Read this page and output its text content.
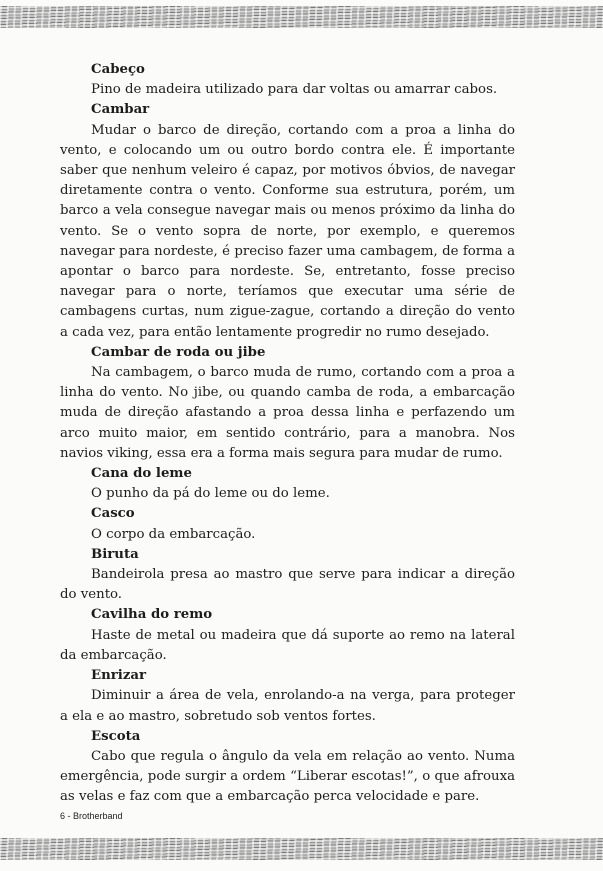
Cabeço

Pino de madeira utilizado para dar voltas ou amarrar cabos.

Cambar

Mudar o barco de direção, cortando com a proa a linha do vento, e colocando um ou outro bordo contra ele. É importante saber que nenhum veleiro é capaz, por motivos óbvios, de navegar diretamente contra o vento. Conforme sua estrutura, porém, um barco a vela consegue navegar mais ou menos próximo da linha do vento. Se o vento sopra de norte, por exemplo, e queremos navegar para nordeste, é preciso fazer uma cambagem, de forma a apontar o barco para nordeste. Se, entretanto, fosse preciso navegar para o norte, teríamos que executar uma série de cambagens curtas, num zigue-zague, cortando a direção do vento a cada vez, para então lentamente progredir no rumo desejado.

Cambar de roda ou jibe

Na cambagem, o barco muda de rumo, cortando com a proa a linha do vento. No jibe, ou quando camba de roda, a embarcação muda de direção afastando a proa dessa linha e perfazendo um arco muito maior, em sentido contrário, para a manobra. Nos navios viking, essa era a forma mais segura para mudar de rumo.

Cana do leme

O punho da pá do leme ou do leme.

Casco

O corpo da embarcação.

Biruta

Bandeirola presa ao mastro que serve para indicar a direção do vento.

Cavilha do remo

Haste de metal ou madeira que dá suporte ao remo na lateral da embarcação.

Enrizar

Diminuir a área de vela, enrolando-a na verga, para proteger a ela e ao mastro, sobretudo sob ventos fortes.

Escota

Cabo que regula o ângulo da vela em relação ao vento. Numa emergência, pode surgir a ordem “Liberar escotas!”, o que afrouxa as velas e faz com que a embarcação perca velocidade e pare.

6 - Brotherband
